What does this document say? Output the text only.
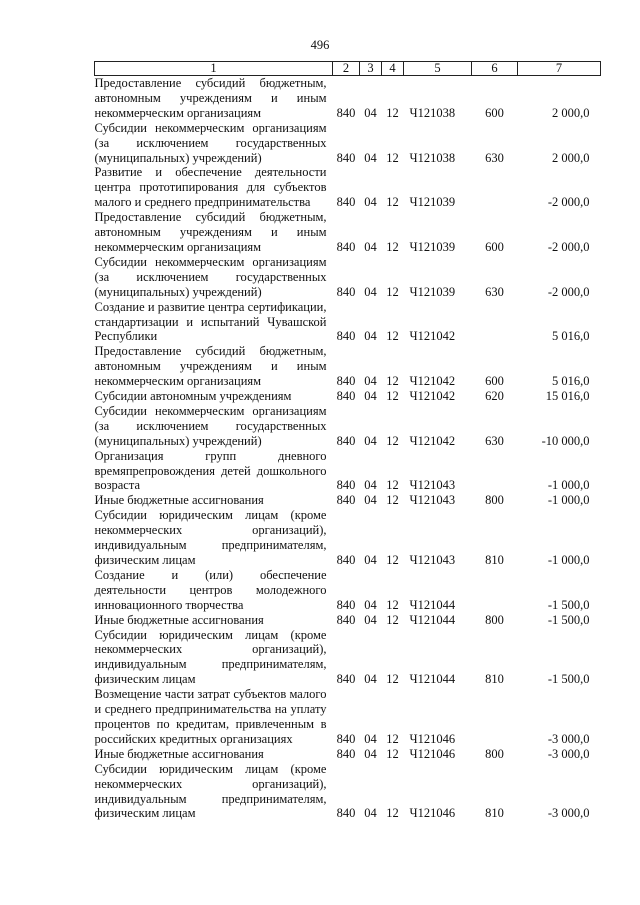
496
1	2	3	4	5	6	7
Предоставление субсидий бюджетным, автономным учреждениям и иным некоммерческим организациям	840	04	12	Ч121038	600	2 000,0
Субсидии некоммерческим организациям (за исключением государственных (муниципальных) учреждений)	840	04	12	Ч121038	630	2 000,0
Развитие и обеспечение деятельности центра прототипирования для субъектов малого и среднего предпринимательства	840	04	12	Ч121039		-2 000,0
Предоставление субсидий бюджетным, автономным учреждениям и иным некоммерческим организациям	840	04	12	Ч121039	600	-2 000,0
Субсидии некоммерческим организациям (за исключением государственных (муниципальных) учреждений)	840	04	12	Ч121039	630	-2 000,0
Создание и развитие центра сертификации, стандартизации и испытаний Чувашской Республики	840	04	12	Ч121042		5 016,0
Предоставление субсидий бюджетным, автономным учреждениям и иным некоммерческим организациям	840	04	12	Ч121042	600	5 016,0
Субсидии автономным учреждениям	840	04	12	Ч121042	620	15 016,0
Субсидии некоммерческим организациям (за исключением государственных (муниципальных) учреждений)	840	04	12	Ч121042	630	-10 000,0
Организация групп дневного времяпрепровождения детей дошкольного возраста	840	04	12	Ч121043		-1 000,0
Иные бюджетные ассигнования	840	04	12	Ч121043	800	-1 000,0
Субсидии юридическим лицам (кроме некоммерческих организаций), индивидуальным предпринимателям, физическим лицам	840	04	12	Ч121043	810	-1 000,0
Создание и (или) обеспечение деятельности центров молодежного инновационного творчества	840	04	12	Ч121044		-1 500,0
Иные бюджетные ассигнования	840	04	12	Ч121044	800	-1 500,0
Субсидии юридическим лицам (кроме некоммерческих организаций), индивидуальным предпринимателям, физическим лицам	840	04	12	Ч121044	810	-1 500,0
Возмещение части затрат субъектов малого и среднего предпринимательства на уплату процентов по кредитам, привлеченным в российских кредитных организациях	840	04	12	Ч121046		-3 000,0
Иные бюджетные ассигнования	840	04	12	Ч121046	800	-3 000,0
Субсидии юридическим лицам (кроме некоммерческих организаций), индивидуальным предпринимателям, физическим лицам	840	04	12	Ч121046	810	-3 000,0
